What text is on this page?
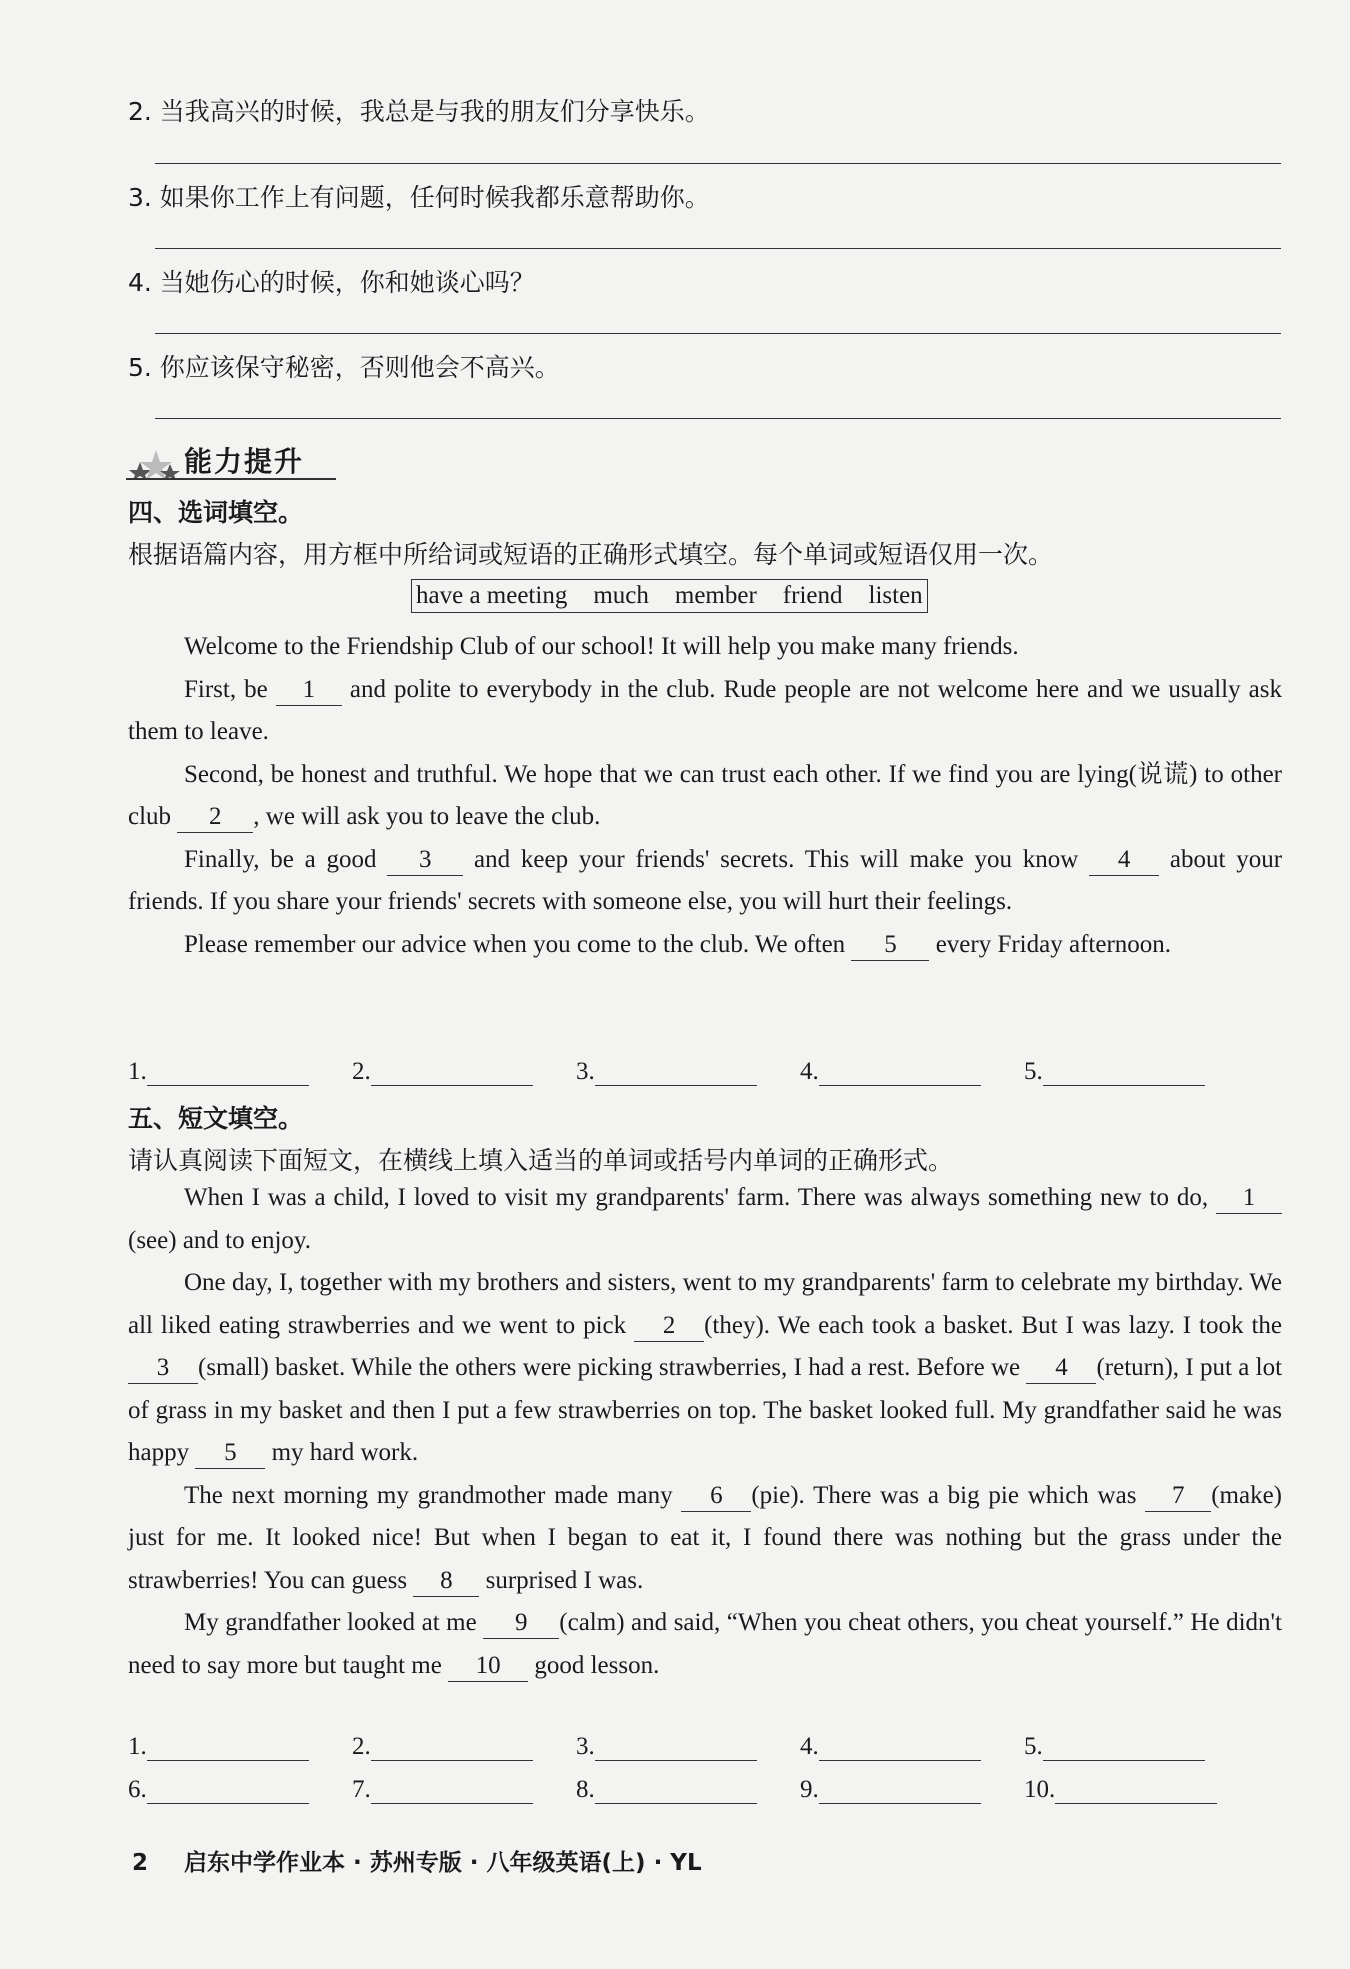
2. 当我高兴的时候，我总是与我的朋友们分享快乐。
3. 如果你工作上有问题，任何时候我都乐意帮助你。
4. 当她伤心的时候，你和她谈心吗？
5. 你应该保守秘密，否则他会不高兴。
能力提升
四、选词填空。
根据语篇内容，用方框中所给词或短语的正确形式填空。每个单词或短语仅用一次。
have a meeting much member friend listen

Welcome to the Friendship Club of our school! It will help you make many friends.

First, be 1 and polite to everybody in the club. Rude people are not welcome here and we usually ask them to leave.

Second, be honest and truthful. We hope that we can trust each other. If we find you are lying(说谎) to other club 2 , we will ask you to leave the club.

Finally, be a good 3 and keep your friends' secrets. This will make you know 4 about your friends. If you share your friends' secrets with someone else, you will hurt their feelings.

Please remember our advice when you come to the club. We often 5 every Friday afternoon.

1.	2.	3.	4.	5.
五、短文填空。
请认真阅读下面短文，在横线上填入适当的单词或括号内单词的正确形式。

When I was a child, I loved to visit my grandparents' farm. There was always something new to do, 1(see) and to enjoy.

One day, I, together with my brothers and sisters, went to my grandparents' farm to celebrate my birthday. We all liked eating strawberries and we went to pick 2 (they). We each took a basket. But I was lazy. I took the 3 (small) basket. While the others were picking strawberries, I had a rest. Before we 4 (return), I put a lot of grass in my basket and then I put a few strawberries on top. The basket looked full. My grandfather said he was happy 5 my hard work.

The next morning my grandmother made many 6 (pie). There was a big pie which was 7 (make) just for me. It looked nice! But when I began to eat it, I found there was nothing but the grass under the strawberries! You can guess 8 surprised I was.

My grandfather looked at me 9 (calm) and said, “When you cheat others, you cheat yourself.” He didn't need to say more but taught me 10 good lesson.

1.	2.	3.	4.	5.
6.	7.	8.	9.	10.
2 启东中学作业本 · 苏州专版 · 八年级英语(上) · YL
